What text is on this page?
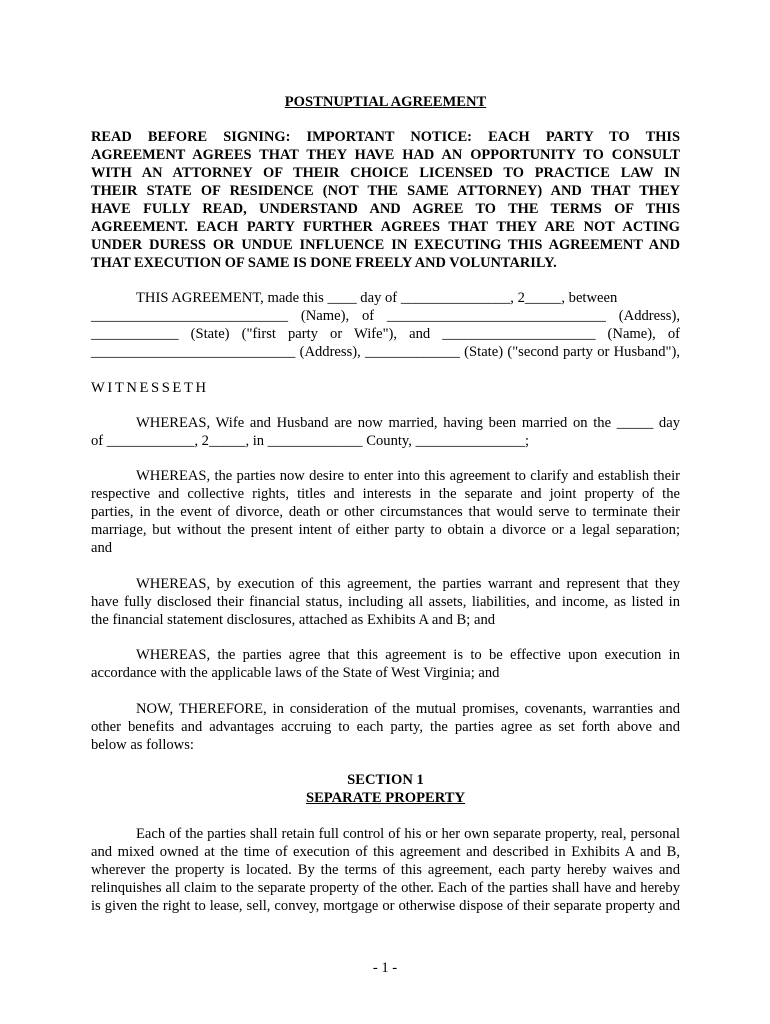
POSTNUPTIAL AGREEMENT
READ BEFORE SIGNING: IMPORTANT NOTICE: EACH PARTY TO THIS
AGREEMENT AGREES THAT THEY HAVE HAD AN OPPORTUNITY TO CONSULT
WITH AN ATTORNEY OF THEIR CHOICE LICENSED TO PRACTICE LAW IN
THEIR STATE OF RESIDENCE (NOT THE SAME ATTORNEY) AND THAT THEY
HAVE FULLY READ, UNDERSTAND AND AGREE TO THE TERMS OF THIS
AGREEMENT. EACH PARTY FURTHER AGREES THAT THEY ARE NOT ACTING
UNDER DURESS OR UNDUE INFLUENCE IN EXECUTING THIS AGREEMENT AND
THAT EXECUTION OF SAME IS DONE FREELY AND VOLUNTARILY.
THIS AGREEMENT, made this ____ day of _______________, 2_____, between
___________________________ (Name), of ______________________________ (Address),
____________ (State) ("first party or Wife"), and _____________________ (Name), of
____________________________ (Address), _____________ (State) ("second party or Husband"),
WITNESSETH
WHEREAS, Wife and Husband are now married, having been married on the _____ day
of ____________, 2_____, in _____________ County, _______________;
WHEREAS, the parties now desire to enter into this agreement to clarify and establish their
respective and collective rights, titles and interests in the separate and joint property of the
parties, in the event of divorce, death or other circumstances that would serve to terminate their
marriage, but without the present intent of either party to obtain a divorce or a legal separation;
and
WHEREAS, by execution of this agreement, the parties warrant and represent that they
have fully disclosed their financial status, including all assets, liabilities, and income, as listed in
the financial statement disclosures, attached as Exhibits A and B; and
WHEREAS, the parties agree that this agreement is to be effective upon execution in
accordance with the applicable laws of the State of West Virginia; and
NOW, THEREFORE, in consideration of the mutual promises, covenants, warranties and
other benefits and advantages accruing to each party, the parties agree as set forth above and
below as follows:
SECTION 1
SEPARATE PROPERTY
Each of the parties shall retain full control of his or her own separate property, real, personal
and mixed owned at the time of execution of this agreement and described in Exhibits A and B,
wherever the property is located. By the terms of this agreement, each party hereby waives and
relinquishes all claim to the separate property of the other. Each of the parties shall have and hereby
is given the right to lease, sell, convey, mortgage or otherwise dispose of their separate property and
- 1 -
